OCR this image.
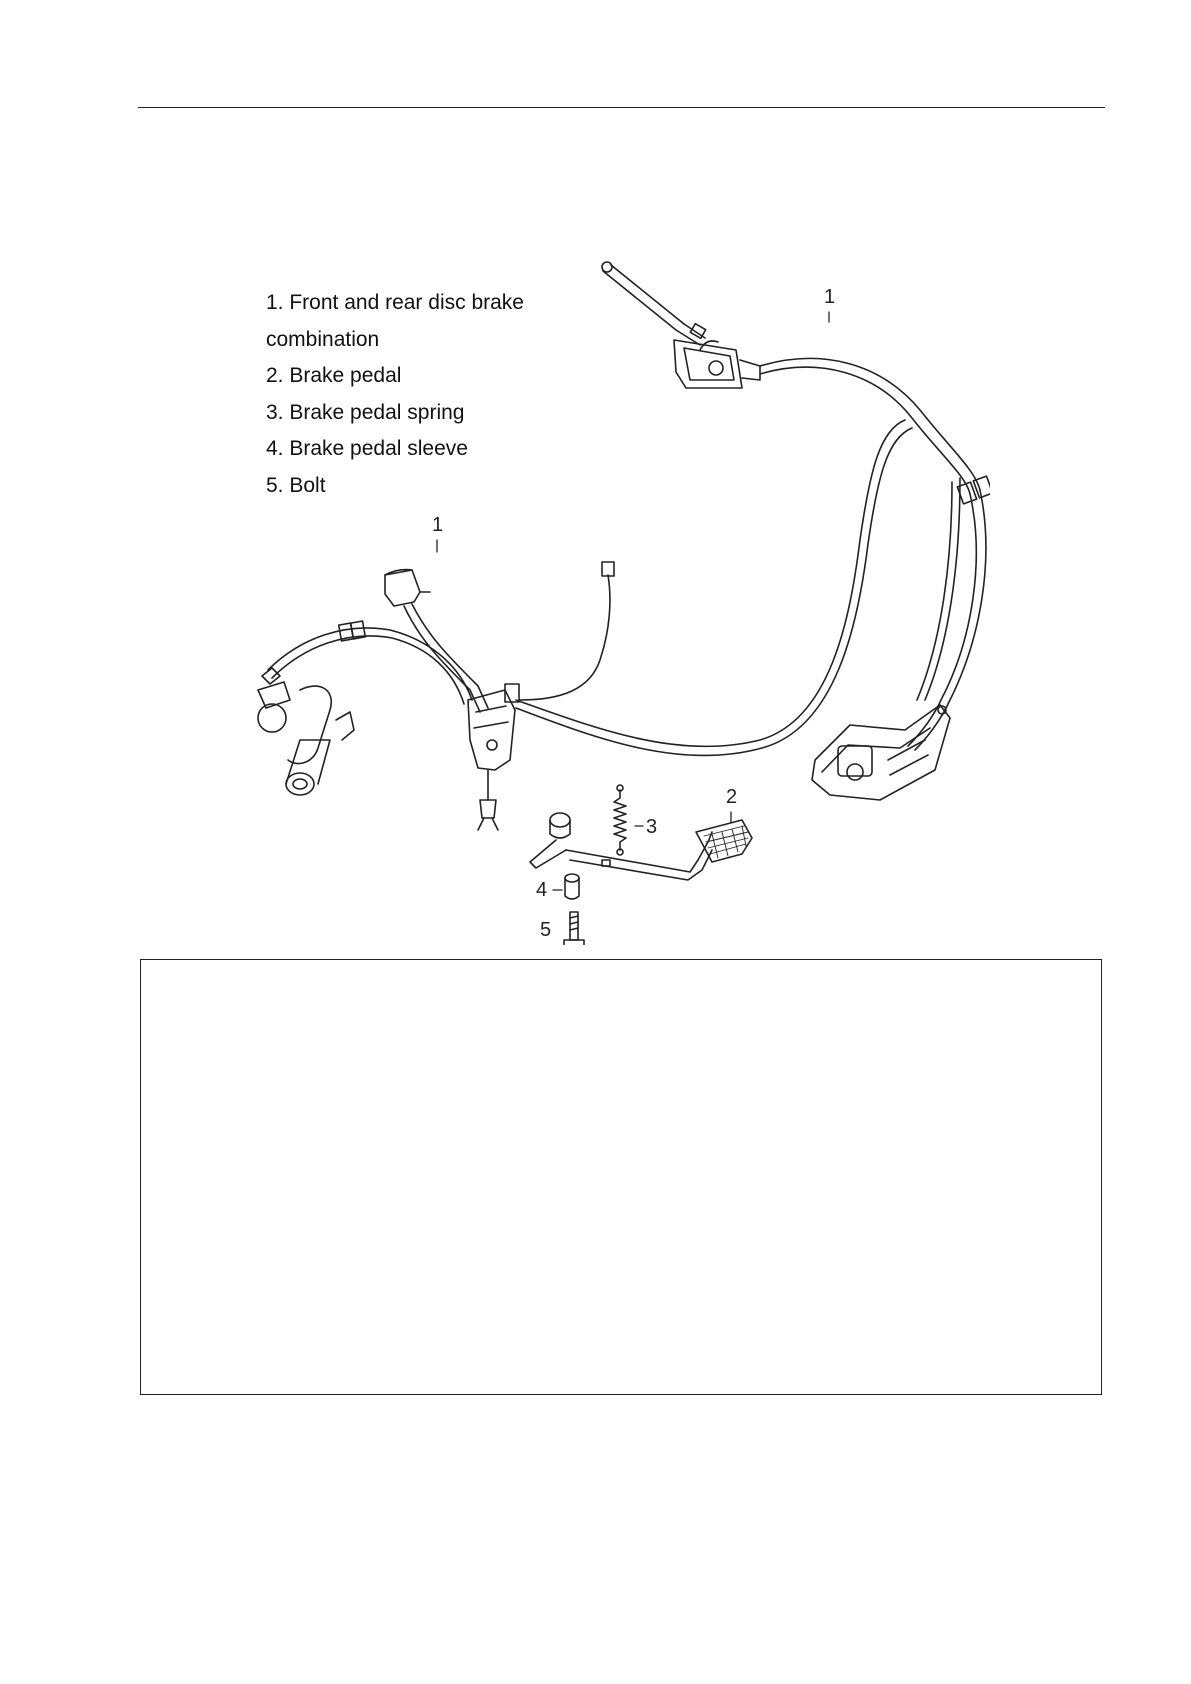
1
1
2
3
4
5
1. Front and rear disc brake
combination
2. Brake pedal
3. Brake pedal spring
4. Brake pedal sleeve
5. Bolt
